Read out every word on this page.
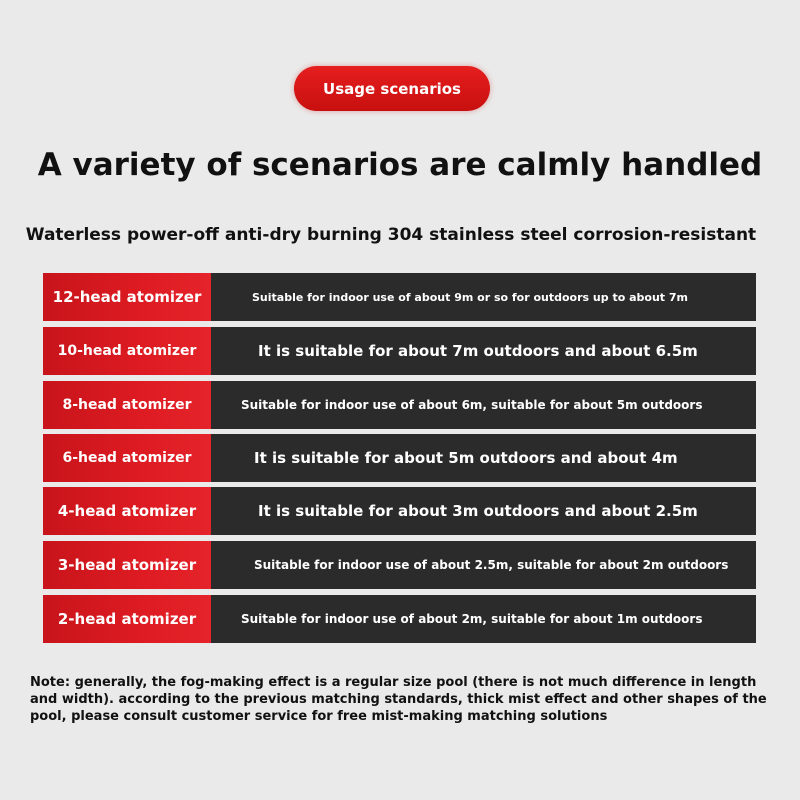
Usage scenarios
A variety of scenarios are calmly handled
Waterless power-off anti-dry burning 304 stainless steel corrosion-resistant
12-head atomizer	Suitable for indoor use of about 9m or so for outdoors up to about 7m
10-head atomizer	It is suitable for about 7m outdoors and about 6.5m
8-head atomizer	Suitable for indoor use of about 6m, suitable for about 5m outdoors
6-head atomizer	It is suitable for about 5m outdoors and about 4m
4-head atomizer	It is suitable for about 3m outdoors and about 2.5m
3-head atomizer	Suitable for indoor use of about 2.5m, suitable for about 2m outdoors
2-head atomizer	Suitable for indoor use of about 2m, suitable for about 1m outdoors
Note: generally, the fog-making effect is a regular size pool (there is not much difference in length and width). according to the previous matching standards, thick mist effect and other shapes of the pool, please consult customer service for free mist-making matching solutions
